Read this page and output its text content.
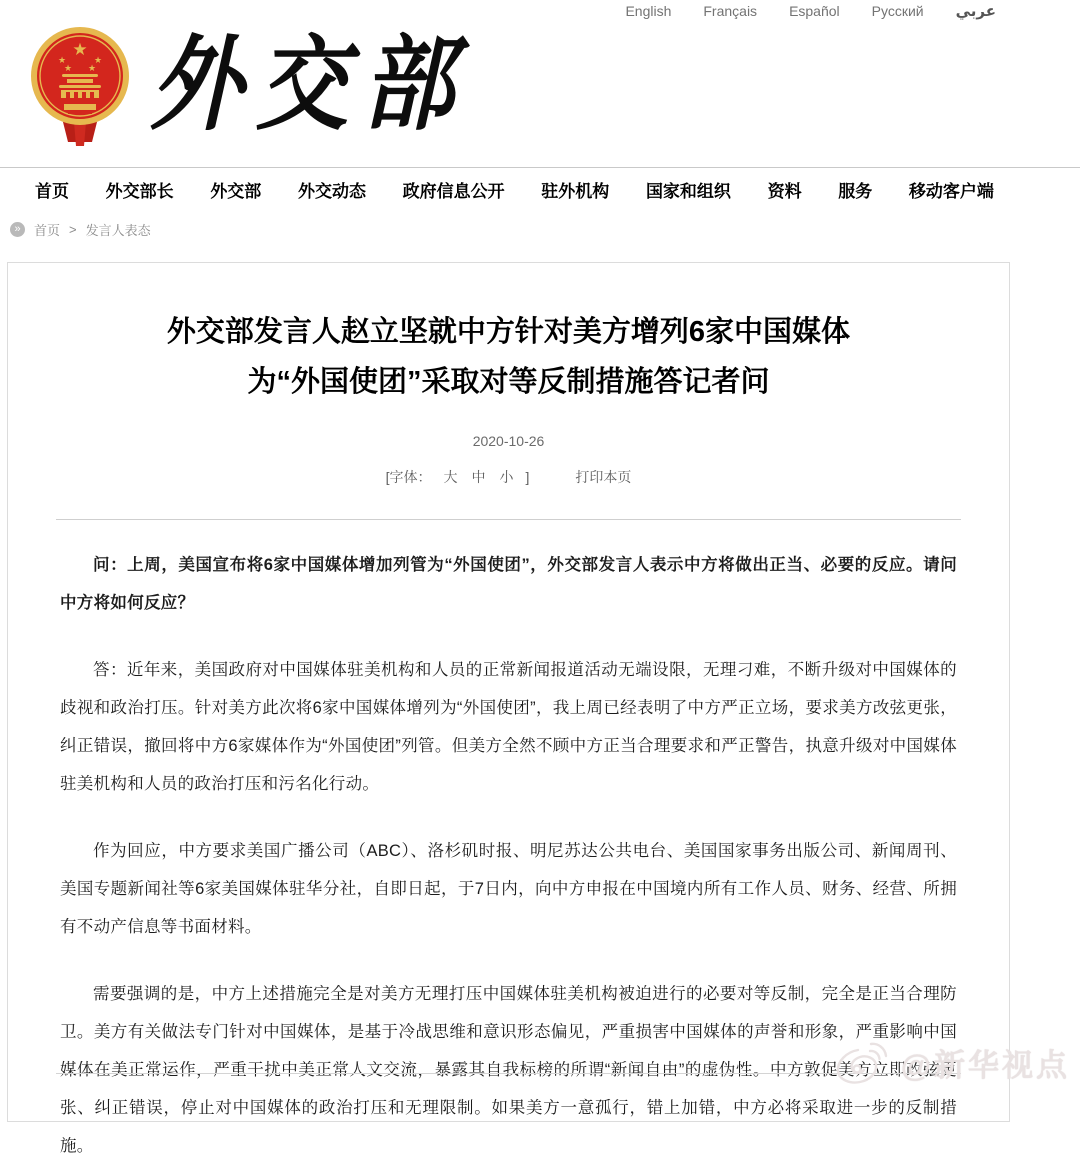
English Français Español Русский عربي
★
★	★
★ ★ 外交部
首页 外交部长 外交部 外交动态 政府信息公开 驻外机构 国家和组织 资料 服务 移动客户端
»	首页 > 发言人表态
外交部发言人赵立坚就中方针对美方增列6家中国媒体
为“外国使团”采取对等反制措施答记者问
2020-10-26
[字体： 大 中 小 ]	打印本页

问：上周，美国宣布将6家中国媒体增加列管为“外国使团”，外交部发言人表示中方将做出正当、必要的反应。请问中方将如何反应？

答：近年来，美国政府对中国媒体驻美机构和人员的正常新闻报道活动无端设限，无理刁难，不断升级对中国媒体的歧视和政治打压。针对美方此次将6家中国媒体增列为“外国使团”，我上周已经表明了中方严正立场，要求美方改弦更张，纠正错误，撤回将中方6家媒体作为“外国使团”列管。但美方全然不顾中方正当合理要求和严正警告，执意升级对中国媒体驻美机构和人员的政治打压和污名化行动。

作为回应，中方要求美国广播公司（ABC）、洛杉矶时报、明尼苏达公共电台、美国国家事务出版公司、新闻周刊、美国专题新闻社等6家美国媒体驻华分社，自即日起，于7日内，向中方申报在中国境内所有工作人员、财务、经营、所拥有不动产信息等书面材料。

需要强调的是，中方上述措施完全是对美方无理打压中国媒体驻美机构被迫进行的必要对等反制，完全是正当合理防卫。美方有关做法专门针对中国媒体，是基于冷战思维和意识形态偏见，严重损害中国媒体的声誉和形象，严重影响中国媒体在美正常运作，严重干扰中美正常人文交流，暴露其自我标榜的所谓“新闻自由”的虚伪性。中方敦促美方立即改弦更张、纠正错误，停止对中国媒体的政治打压和无理限制。如果美方一意孤行，错上加错，中方必将采取进一步的反制措施。

@新华视点
